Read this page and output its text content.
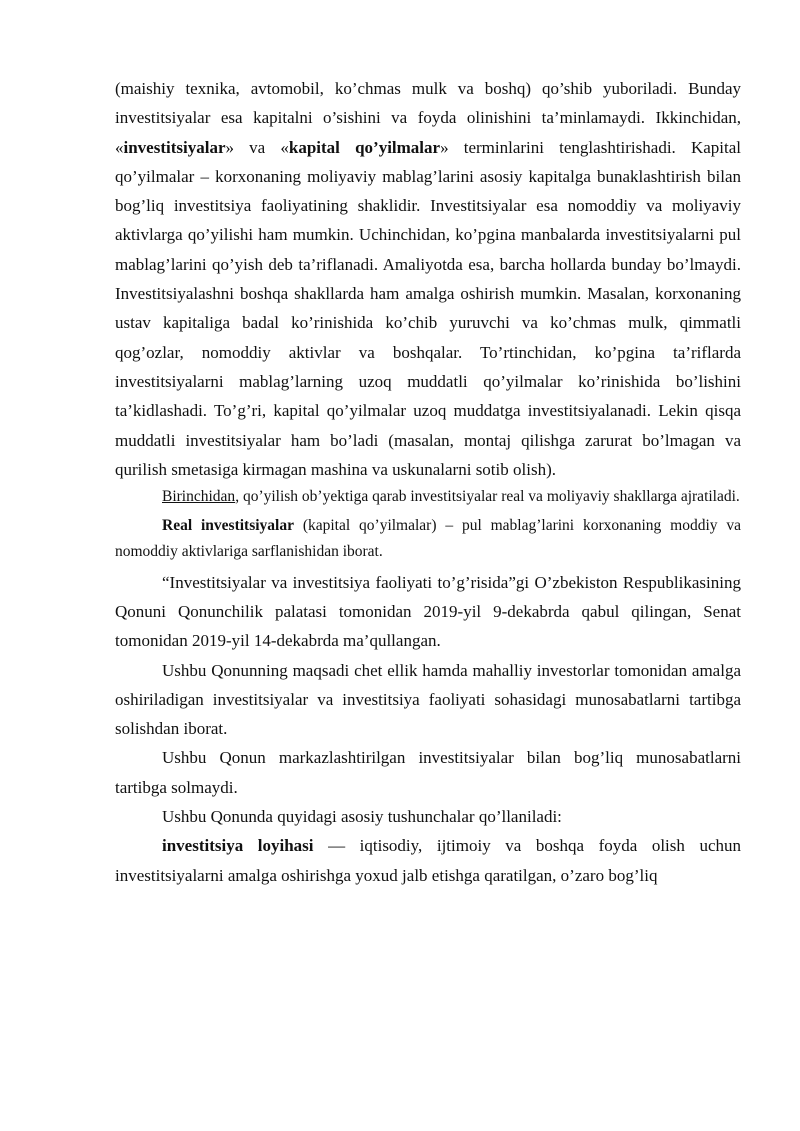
(maishiy texnika, avtomobil, ko’chmas mulk va boshq) qo’shib yuboriladi. Bunday investitsiyalar esa kapitalni o’sishini va foyda olinishini ta’minlamaydi. Ikkinchidan, «investitsiyalar» va «kapital qo’yilmalar» terminlarini tenglashtirishadi. Kapital qo’yilmalar – korxonaning moliyaviy mablag’larini asosiy kapitalga bunaklashtirish bilan bog’liq investitsiya faoliyatining shaklidir. Investitsiyalar esa nomoddiy va moliyaviy aktivlarga qo’yilishi ham mumkin. Uchinchidan, ko’pgina manbalarda investitsiyalarni pul mablag’larini qo’yish deb ta’riflanadi. Amaliyotda esa, barcha hollarda bunday bo’lmaydi. Investitsiyalashni boshqa shakllarda ham amalga oshirish mumkin. Masalan, korxonaning ustav kapitaliga badal ko’rinishida ko’chib yuruvchi va ko’chmas mulk, qimmatli qog’ozlar, nomoddiy aktivlar va boshqalar. To’rtinchidan, ko’pgina ta’riflarda investitsiyalarni mablag’larning uzoq muddatli qo’yilmalar ko’rinishida bo’lishini ta’kidlashadi. To’g’ri, kapital qo’yilmalar uzoq muddatga investitsiyalanadi. Lekin qisqa muddatli investitsiyalar ham bo’ladi (masalan, montaj qilishga zarurat bo’lmagan va qurilish smetasiga kirmagan mashina va uskunalarni sotib olish).

Birinchidan, qo’yilish ob’yektiga qarab investitsiyalar real va moliyaviy shakllarga ajratiladi.

Real investitsiyalar (kapital qo’yilmalar) – pul mablag’larini korxonaning moddiy va nomoddiy aktivlariga sarflanishidan iborat.

“Investitsiyalar va investitsiya faoliyati to’g’risida”gi O’zbekiston Respublikasining Qonuni Qonunchilik palatasi tomonidan 2019-yil 9-dekabrda qabul qilingan, Senat tomonidan 2019-yil 14-dekabrda ma’qullangan.

Ushbu Qonunning maqsadi chet ellik hamda mahalliy investorlar tomonidan amalga oshiriladigan investitsiyalar va investitsiya faoliyati sohasidagi munosabatlarni tartibga solishdan iborat.

Ushbu Qonun markazlashtirilgan investitsiyalar bilan bog’liq munosabatlarni tartibga solmaydi.

Ushbu Qonunda quyidagi asosiy tushunchalar qo’llaniladi:

investitsiya loyihasi — iqtisodiy, ijtimoiy va boshqa foyda olish uchun investitsiyalarni amalga oshirishga yoxud jalb etishga qaratilgan, o’zaro bog’liq
